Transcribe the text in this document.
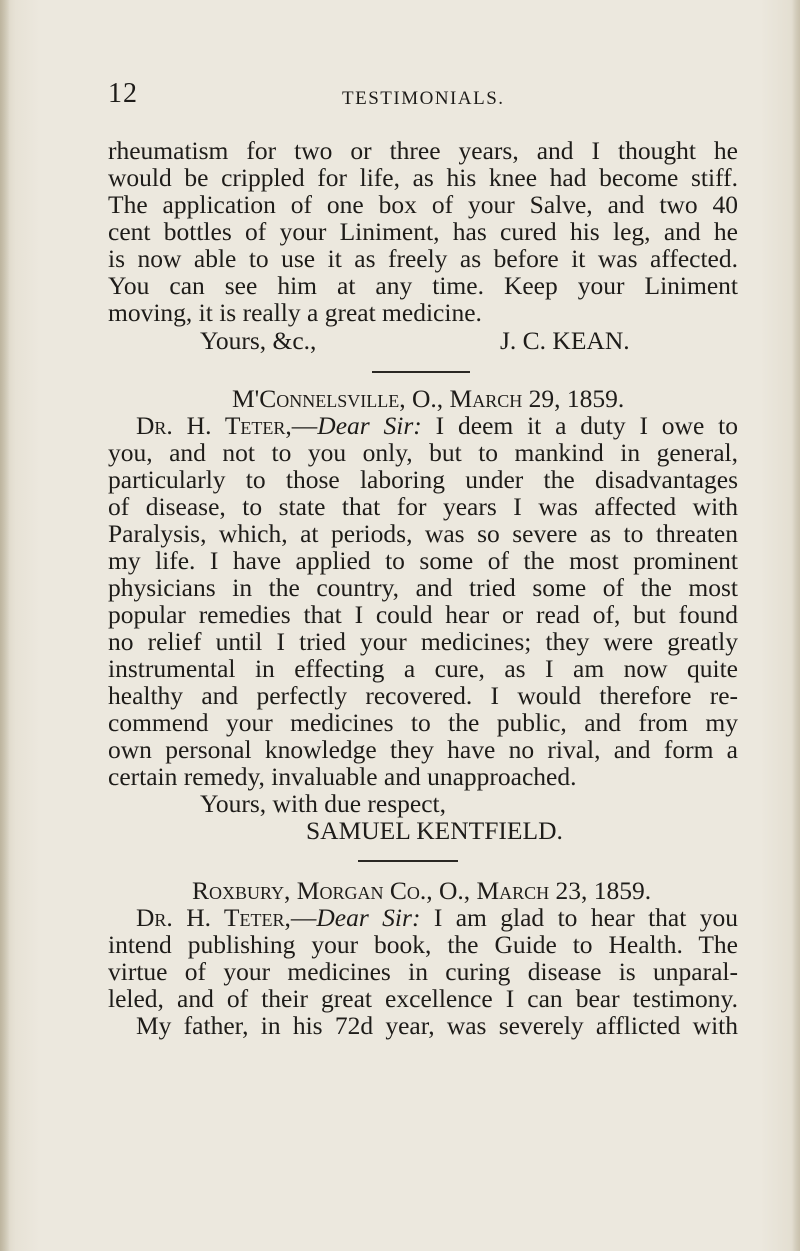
12	TESTIMONIALS.
rheumatism for two or three years, and I thought he
would be crippled for life, as his knee had become stiff.
The application of one box of your Salve, and two 40
cent bottles of your Liniment, has cured his leg, and he
is now able to use it as freely as before it was affected.
You can see him at any time. Keep your Liniment
moving, it is really a great medicine.
Yours, &c.,	J. C. KEAN.
M'Connelsville, O., March 29, 1859.
Dr. H. Teter,—Dear Sir: I deem it a duty I owe to
you, and not to you only, but to mankind in general,
particularly to those laboring under the disadvantages
of disease, to state that for years I was affected with
Paralysis, which, at periods, was so severe as to threaten
my life. I have applied to some of the most prominent
physicians in the country, and tried some of the most
popular remedies that I could hear or read of, but found
no relief until I tried your medicines; they were greatly
instrumental in effecting a cure, as I am now quite
healthy and perfectly recovered. I would therefore re-
commend your medicines to the public, and from my
own personal knowledge they have no rival, and form a
certain remedy, invaluable and unapproached.
Yours, with due respect,
SAMUEL KENTFIELD.
Roxbury, Morgan Co., O., March 23, 1859.
Dr. H. Teter,—Dear Sir: I am glad to hear that you
intend publishing your book, the Guide to Health. The
virtue of your medicines in curing disease is unparal-
leled, and of their great excellence I can bear testimony.
My father, in his 72d year, was severely afflicted with
